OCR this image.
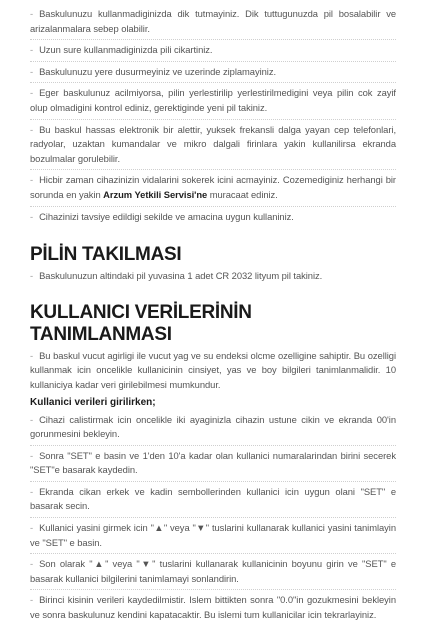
- Baskulunuzu kullanmadiginizda dik tutmayiniz. Dik tuttugunuzda pil bosalabilir ve arizalanmalara sebep olabilir.

- Uzun sure kullanmadiginizda pili cikartiniz.

- Baskulunuzu yere dusurmeyiniz ve uzerinde ziplamayiniz.

- Eger baskulunuz acilmiyorsa, pilin yerlestirilip yerlestirilmedigini veya pilin cok zayif olup olmadigini kontrol ediniz, gerektiginde yeni pil takiniz.

- Bu baskul hassas elektronik bir alettir, yuksek frekansli dalga yayan cep telefonlari, radyolar, uzaktan kumandalar ve mikro dalgali firinlara yakin kullanilirsa ekranda bozulmalar gorulebilir.

- Hicbir zaman cihazinizin vidalarini sokerek icini acmayiniz. Cozemediginiz herhangi bir sorunda en yakin Arzum Yetkili Servisi'ne muracaat ediniz.

- Cihazinizi tavsiye edildigi sekilde ve amacina uygun kullaniniz.

PİLİN TAKILMASI

- Baskulunuzun altindaki pil yuvasina 1 adet CR 2032 lityum pil takiniz.

KULLANICI VERİLERİNİN TANIMLANMASI

- Bu baskul vucut agirligi ile vucut yag ve su endeksi olcme ozelligine sahiptir. Bu ozelligi kullanmak icin oncelikle kullanicinin cinsiyet, yas ve boy bilgileri tanimlanmalidir. 10 kullaniciya kadar veri girilebilmesi mumkundur.

Kullanici verileri girilirken;

- Cihazi calistirmak icin oncelikle iki ayaginizla cihazin ustune cikin ve ekranda 00'in gorunmesini bekleyin.

- Sonra "SET" e basin ve 1'den 10'a kadar olan kullanici numaralarindan birini secerek "SET"e basarak kaydedin.

- Ekranda cikan erkek ve kadin sembollerinden kullanici icin uygun olani "SET" e basarak secin.

- Kullanici yasini girmek icin "▲" veya "▼" tuslarini kullanarak kullanici yasini tanimlayin ve "SET" e basin.

- Son olarak "▲" veya "▼" tuslarini kullanarak kullanicinin boyunu girin ve "SET" e basarak kullanici bilgilerini tanimlamayi sonlandirin.

- Birinci kisinin verileri kaydedilmistir. Islem bittikten sonra "0.0"in gozukmesini bekleyin ve sonra baskulunuz kendini kapatacaktir. Bu islemi tum kullanicilar icin tekrarlayiniz.
